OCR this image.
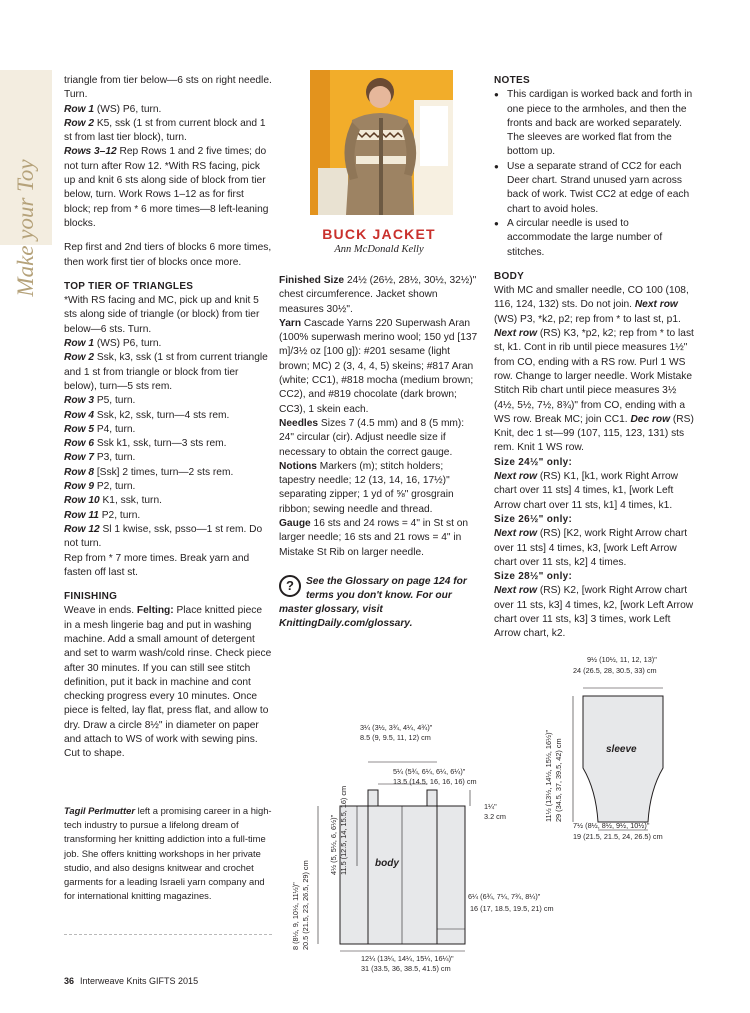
Make your Toy

triangle from tier below—6 sts on right needle. Turn.

Row 1 (WS) P6, turn.

Row 2 K5, ssk (1 st from current block and 1 st from last tier block), turn.

Rows 3–12 Rep Rows 1 and 2 five times; do not turn after Row 12. *With RS facing, pick up and knit 6 sts along side of block from tier below, turn. Work Rows 1–12 as for first block; rep from * 6 more times—8 left-leaning blocks.

Rep first and 2nd tiers of blocks 6 more times, then work first tier of blocks once more.

TOP TIER OF TRIANGLES

*With RS facing and MC, pick up and knit 5 sts along side of triangle (or block) from tier below—6 sts. Turn.

Row 1 (WS) P6, turn.

Row 2 Ssk, k3, ssk (1 st from current triangle and 1 st from triangle or block from tier below), turn—5 sts rem.

Row 3 P5, turn.

Row 4 Ssk, k2, ssk, turn—4 sts rem.

Row 5 P4, turn.

Row 6 Ssk k1, ssk, turn—3 sts rem.

Row 7 P3, turn.

Row 8 [Ssk] 2 times, turn—2 sts rem.

Row 9 P2, turn.

Row 10 K1, ssk, turn.

Row 11 P2, turn.

Row 12 Sl 1 kwise, ssk, psso—1 st rem. Do not turn.

Rep from * 7 more times. Break yarn and fasten off last st.

FINISHING

Weave in ends. Felting: Place knitted piece in a mesh lingerie bag and put in washing machine. Add a small amount of detergent and set to warm wash/cold rinse. Check piece after 30 minutes. If you can still see stitch definition, put it back in machine and cont checking progress every 10 minutes. Once piece is felted, lay flat, press flat, and allow to dry. Draw a circle 8½" in diameter on paper and attach to WS of work with sewing pins. Cut to shape.

Tagil Perlmutter left a promising career in a high-tech industry to pursue a lifelong dream of transforming her knitting addiction into a full-time job. She offers knitting workshops in her private studio, and also designs knitwear and crochet garments for a leading Israeli yarn company and for international knitting magazines.

BUCK JACKET
Ann McDonald Kelly

Finished Size 24½ (26½, 28½, 30½, 32½)" chest circumference. Jacket shown measures 30½".

Yarn Cascade Yarns 220 Superwash Aran (100% superwash merino wool; 150 yd [137 m]/3½ oz [100 g]): #201 sesame (light brown; MC) 2 (3, 4, 4, 5) skeins; #817 Aran (white; CC1), #818 mocha (medium brown; CC2), and #819 chocolate (dark brown; CC3), 1 skein each.

Needles Sizes 7 (4.5 mm) and 8 (5 mm): 24" circular (cir). Adjust needle size if necessary to obtain the correct gauge.

Notions Markers (m); stitch holders; tapestry needle; 12 (13, 14, 16, 17½)" separating zipper; 1 yd of ⅝" grosgrain ribbon; sewing needle and thread.

Gauge 16 sts and 24 rows = 4" in St st on larger needle; 16 sts and 21 rows = 4" in Mistake St Rib on larger needle.

?	See the Glossary on page 124 for terms you don't know. For our master glossary, visit KnittingDaily.com/glossary.

NOTES

● This cardigan is worked back and forth in one piece to the armholes, and then the fronts and back are worked separately. The sleeves are worked flat from the bottom up.
● Use a separate strand of CC2 for each Deer chart. Strand unused yarn across back of work. Twist CC2 at edge of each chart to avoid holes.
● A circular needle is used to accommodate the large number of stitches.

BODY

With MC and smaller needle, CO 100 (108, 116, 124, 132) sts. Do not join. Next row (WS) P3, *k2, p2; rep from * to last st, p1. Next row (RS) K3, *p2, k2; rep from * to last st, k1. Cont in rib until piece measures 1½" from CO, ending with a RS row. Purl 1 WS row. Change to larger needle. Work Mistake Stitch Rib chart until piece measures 3½ (4½, 5½, 7½, 8¾)" from CO, ending with a WS row. Break MC; join CC1. Dec row (RS) Knit, dec 1 st—99 (107, 115, 123, 131) sts rem. Knit 1 WS row.

Size 24½" only:

Next row (RS) K1, [k1, work Right Arrow chart over 11 sts] 4 times, k1, [work Left Arrow chart over 11 sts, k1] 4 times, k1.

Size 26½" only:

Next row (RS) [K2, work Right Arrow chart over 11 sts] 4 times, k3, [work Left Arrow chart over 11 sts, k2] 4 times.

Size 28½" only:

Next row (RS) K2, [work Right Arrow chart over 11 sts, k3] 4 times, k2, [work Left Arrow chart over 11 sts, k3] 3 times, work Left Arrow chart, k2.

body
3¼ (3½, 3¾, 4¼, 4¾)"
8.5 (9, 9.5, 11, 12) cm
5¼ (5¾, 6¼, 6¼, 6¼)"
13.5 (14.5, 16, 16, 16) cm
1¼"
3.2 cm
4½ (5, 5½, 6, 6½)" 11.5 (12.5, 14, 15.5, 16) cm
8 (8½, 9, 10½, 11½)" 20.5 (21.5, 23, 26.5, 29) cm	6¼ (6¾, 7¼, 7¾, 8¼)"
16 (17, 18.5, 19.5, 21) cm
12¼ (13¼, 14¼, 15¼, 16¼)"
31 (33.5, 36, 38.5, 41.5) cm
sleeve
9½ (10½, 11, 12, 13)"
24 (26.5, 28, 30.5, 33) cm
11½ (13½, 14½, 15½, 16½)" 29 (34.5, 37, 39.5, 42) cm
7½ (8½, 8½, 9½, 10½)"
19 (21.5, 21.5, 24, 26.5) cm
36 Interweave Knits GIFTS 2015
